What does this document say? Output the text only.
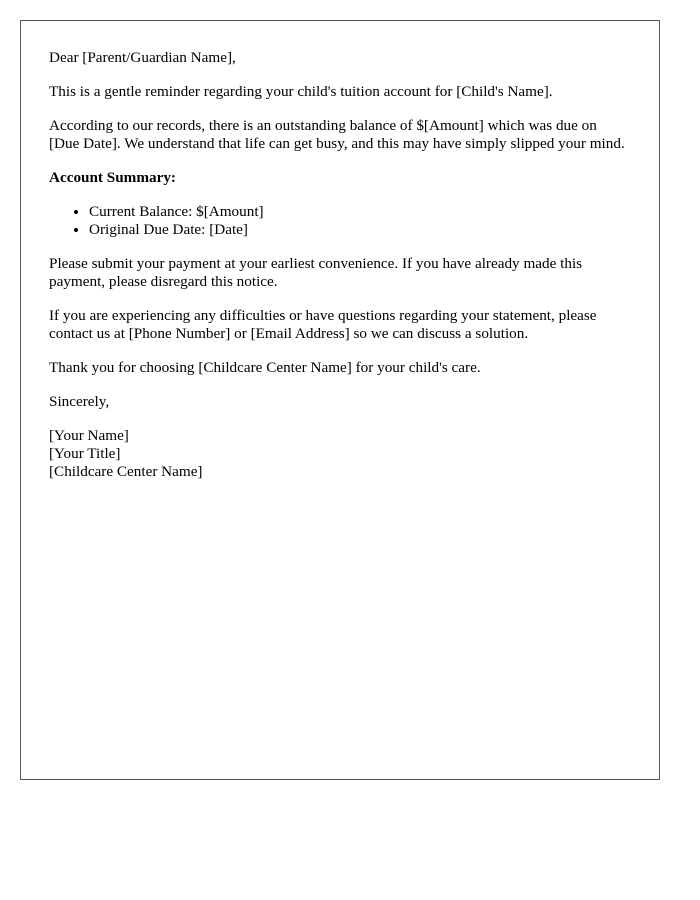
Dear [Parent/Guardian Name],

This is a gentle reminder regarding your child's tuition account for [Child's Name].

According to our records, there is an outstanding balance of $[Amount] which was due on [Due Date]. We understand that life can get busy, and this may have simply slipped your mind.

Account Summary:

• Current Balance: $[Amount]
• Original Due Date: [Date]

Please submit your payment at your earliest convenience. If you have already made this payment, please disregard this notice.

If you are experiencing any difficulties or have questions regarding your statement, please contact us at [Phone Number] or [Email Address] so we can discuss a solution.

Thank you for choosing [Childcare Center Name] for your child's care.

Sincerely,

[Your Name]
[Your Title]
[Childcare Center Name]
